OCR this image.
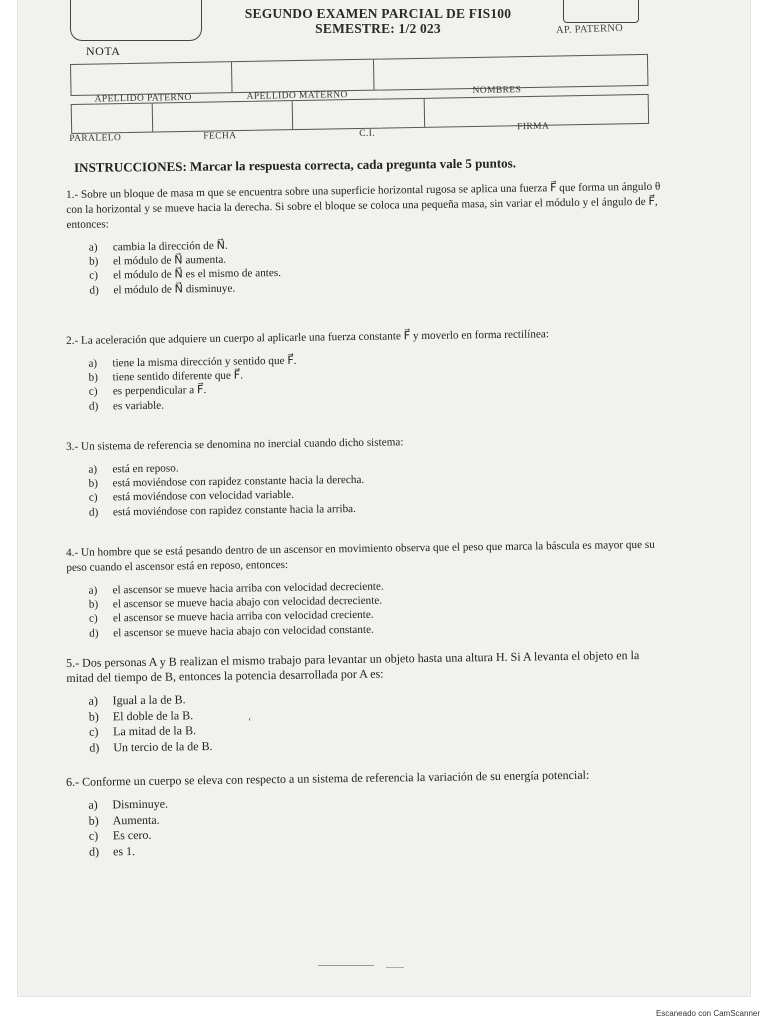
NOTA
SEGUNDO EXAMEN PARCIAL DE FIS100
SEMESTRE: 1/2 023	AP. PATERNO
APELLIDO PATERNO	APELLIDO MATERNO	NOMBRES
PARALELO	FECHA	C.I.
FIRMA
INSTRUCCIONES: Marcar la respuesta correcta, cada pregunta vale 5 puntos.

1.- Sobre un bloque de masa m que se encuentra sobre una superficie horizontal rugosa se aplica una fuerza F⃗ que forma un ángulo θ con la horizontal y se mueve hacia la derecha. Si sobre el bloque se coloca una pequeña masa, sin variar el módulo y el ángulo de F⃗, entonces:

a)	cambia la dirección de N⃗.
b)	el módulo de N⃗ aumenta.
c)	el módulo de N⃗ es el mismo de antes.
d)	el módulo de N⃗ disminuye.

2.- La aceleración que adquiere un cuerpo al aplicarle una fuerza constante F⃗ y moverlo en forma rectilínea:

a)	tiene la misma dirección y sentido que F⃗.
b)	tiene sentido diferente que F⃗.
c)	es perpendicular a F⃗.
d)	es variable.

3.- Un sistema de referencia se denomina no inercial cuando dicho sistema:

a)	está en reposo.
b)	está moviéndose con rapidez constante hacia la derecha.
c)	está moviéndose con velocidad variable.
d)	está moviéndose con rapidez constante hacia la arriba.

4.- Un hombre que se está pesando dentro de un ascensor en movimiento observa que el peso que marca la báscula es mayor que su peso cuando el ascensor está en reposo, entonces:

a)	el ascensor se mueve hacia arriba con velocidad decreciente.
b)	el ascensor se mueve hacia abajo con velocidad decreciente.
c)	el ascensor se mueve hacia arriba con velocidad creciente.
d)	el ascensor se mueve hacia abajo con velocidad constante.

5.- Dos personas A y B realizan el mismo trabajo para levantar un objeto hasta una altura H. Si A levanta el objeto en la mitad del tiempo de B, entonces la potencia desarrollada por A es:

a)	Igual a la de B.
b)	El doble de la B.
c)	La mitad de la B.
d)	Un tercio de la de B.
‘

6.- Conforme un cuerpo se eleva con respecto a un sistema de referencia la variación de su energía potencial:

a)	Disminuye.
b)	Aumenta.
c)	Es cero.
d)	es 1.
Escaneado con CamScanner
